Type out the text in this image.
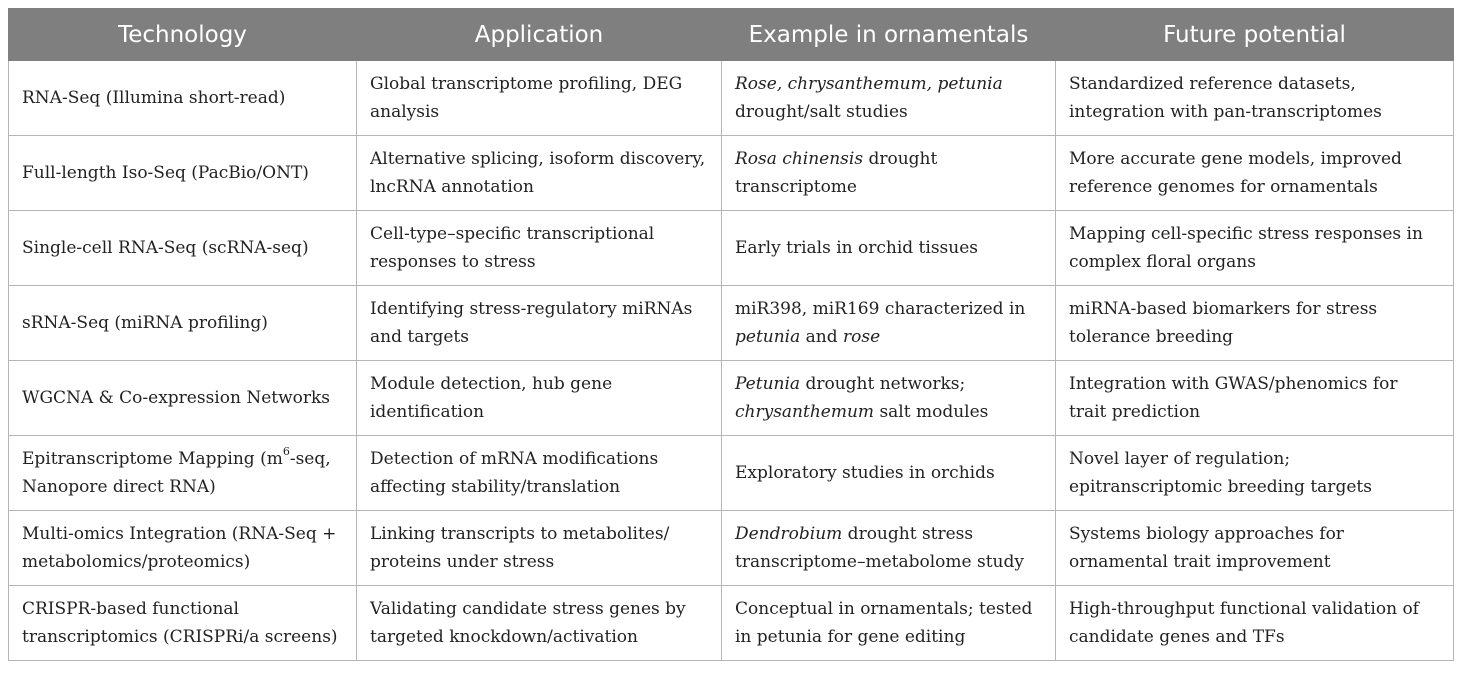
Technology	Application	Example in ornamentals	Future potential
RNA-Seq (Illumina short-read)	Global transcriptome profiling, DEG analysis	Rose, chrysanthemum, petunia drought/salt studies	Standardized reference datasets, integration with pan-transcriptomes
Full-length Iso-Seq (PacBio/ONT)	Alternative splicing, isoform discovery, lncRNA annotation	Rosa chinensis drought transcriptome	More accurate gene models, improved reference genomes for ornamentals
Single-cell RNA-Seq (scRNA-seq)	Cell-type–specific transcriptional responses to stress	Early trials in orchid tissues	Mapping cell-specific stress responses in complex floral organs
sRNA-Seq (miRNA profiling)	Identifying stress-regulatory miRNAs and targets	miR398, miR169 characterized in petunia and rose	miRNA-based biomarkers for stress tolerance breeding
WGCNA & Co-expression Networks	Module detection, hub gene identification	Petunia drought networks; chrysanthemum salt modules	Integration with GWAS/phenomics for trait prediction
Epitranscriptome Mapping ($m^6$-seq, Nanopore direct RNA)	Detection of mRNA modifications affecting stability/translation	Exploratory studies in orchids	Novel layer of regulation; epitranscriptomic breeding targets
Multi-omics Integration (RNA-Seq + metabolomics/proteomics)	Linking transcripts to metabolites/ proteins under stress	Dendrobium drought stress transcriptome–metabolome study	Systems biology approaches for ornamental trait improvement
CRISPR-based functional transcriptomics (CRISPRi/a screens)	Validating candidate stress genes by targeted knockdown/activation	Conceptual in ornamentals; tested in petunia for gene editing	High-throughput functional validation of candidate genes and TFs
